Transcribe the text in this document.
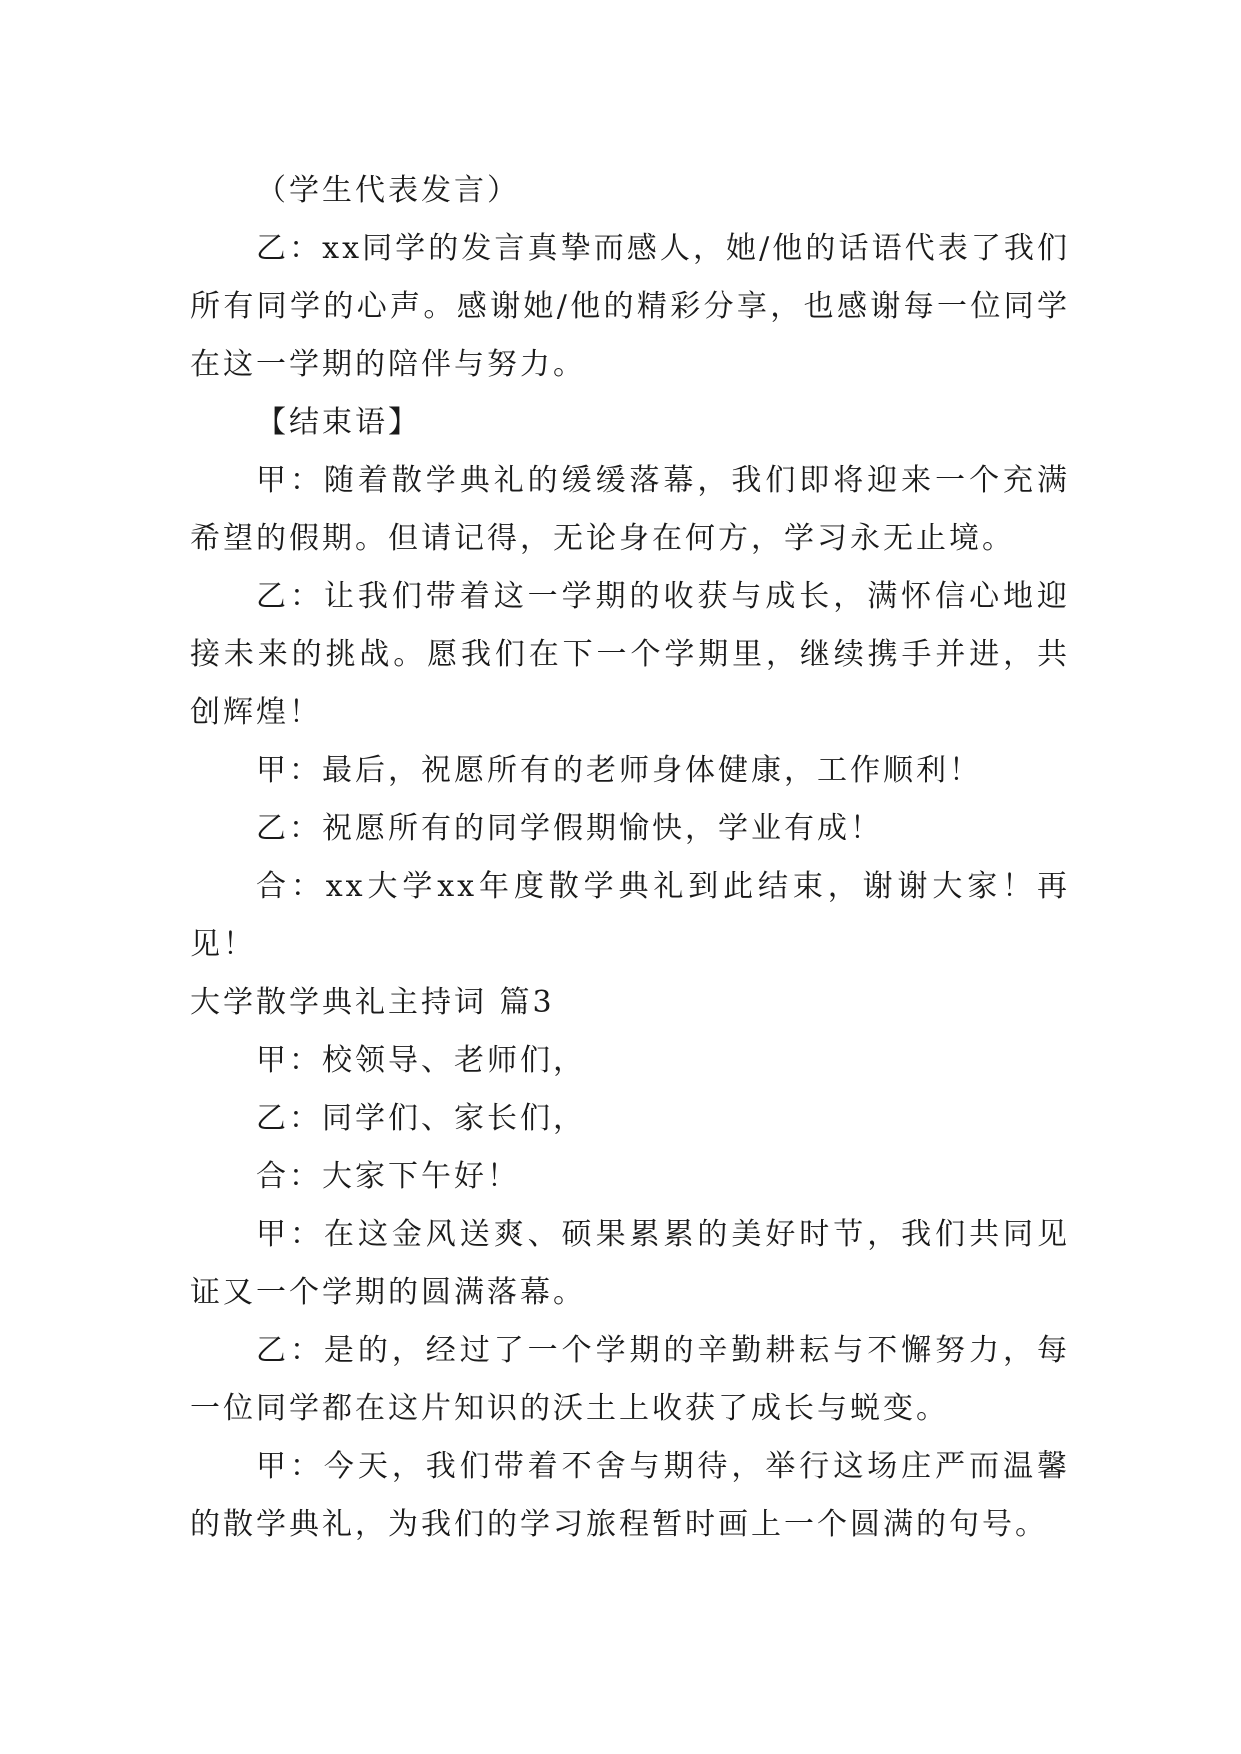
（学生代表发言）

乙：xx同学的发言真挚而感人，她/他的话语代表了我们所有同学的心声。感谢她/他的精彩分享，也感谢每一位同学在这一学期的陪伴与努力。

【结束语】

甲：随着散学典礼的缓缓落幕，我们即将迎来一个充满希望的假期。但请记得，无论身在何方，学习永无止境。

乙：让我们带着这一学期的收获与成长，满怀信心地迎接未来的挑战。愿我们在下一个学期里，继续携手并进，共创辉煌！

甲：最后，祝愿所有的老师身体健康，工作顺利！

乙：祝愿所有的同学假期愉快，学业有成！

合：xx大学xx年度散学典礼到此结束，谢谢大家！再见！

大学散学典礼主持词 篇3

甲：校领导、老师们，

乙：同学们、家长们，

合：大家下午好！

甲：在这金风送爽、硕果累累的美好时节，我们共同见证又一个学期的圆满落幕。

乙：是的，经过了一个学期的辛勤耕耘与不懈努力，每一位同学都在这片知识的沃土上收获了成长与蜕变。

甲：今天，我们带着不舍与期待，举行这场庄严而温馨的散学典礼，为我们的学习旅程暂时画上一个圆满的句号。
